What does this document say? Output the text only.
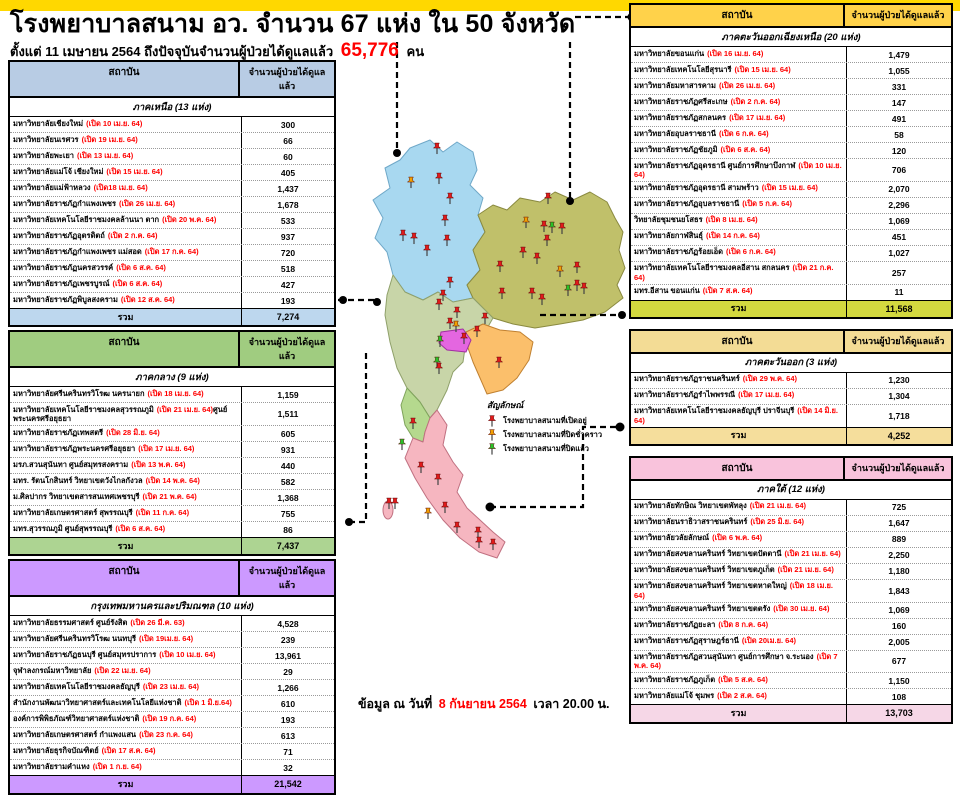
โรงพยาบาลสนาม อว. จำนวน 67 แห่ง ใน 50 จังหวัด
ตั้งแต่ 11 เมษายน 2564 ถึงปัจจุบันจำนวนผู้ป่วยได้ดูแลแล้ว 65,776 คน
สัญลักษณ์
โรงพยาบาลสนามที่เปิดอยู่
โรงพยาบาลสนามที่ปิดชั่วคราว
โรงพยาบาลสนามที่ปิดแล้ว
สถาบัน	จำนวนผู้ป่วยได้ดูแลแล้ว
ภาคเหนือ (13 แห่ง)
มหาวิทยาลัยเชียงใหม่ (เปิด 10 เม.ย. 64)	300
มหาวิทยาลัยนเรศวร (เปิด 19 เม.ย. 64)	66
มหาวิทยาลัยพะเยา (เปิด 13 เม.ย. 64)	60
มหาวิทยาลัยแม่โจ้ เชียงใหม่ (เปิด 15 เม.ย. 64)	405
มหาวิทยาลัยแม่ฟ้าหลวง (เปิด18 เม.ย. 64)	1,437
มหาวิทยาลัยราชภัฏกำแพงเพชร (เปิด 26 เม.ย. 64)	1,678
มหาวิทยาลัยเทคโนโลยีราชมงคลล้านนา ตาก (เปิด 20 พ.ค. 64)	533
มหาวิทยาลัยราชภัฏอุตรดิตถ์ (เปิด 2 ก.ค. 64)	937
มหาวิทยาลัยราชภัฏกำแพงเพชร แม่สอด (เปิด 17 ก.ค. 64)	720
มหาวิทยาลัยราชภัฏนครสวรรค์ (เปิด 6 ส.ค. 64)	518
มหาวิทยาลัยราชภัฏเพชรบูรณ์ (เปิด 6 ส.ค. 64)	427
มหาวิทยาลัยราชภัฏพิบูลสงคราม (เปิด 12 ส.ค. 64)	193
รวม	7,274
สถาบัน	จำนวนผู้ป่วยได้ดูแลแล้ว
ภาคกลาง (9 แห่ง)
มหาวิทยาลัยศรีนครินทรวิโรฒ นครนายก (เปิด 18 เม.ย. 64)	1,159
มหาวิทยาลัยเทคโนโลยีราชมงคลสุวรรณภูมิ (เปิด 21 เม.ย. 64)ศูนย์พระนครศรีอยุธยา	1,511
มหาวิทยาลัยราชภัฏเทพสตรี (เปิด 28 มิ.ย. 64)	605
มหาวิทยาลัยราชภัฏพระนครศรีอยุธยา (เปิด 17 เม.ย. 64)	931
มรภ.สวนสุนันทา ศูนย์สมุทรสงคราม (เปิด 13 พ.ค. 64)	440
มทร. รัตนโกสินทร์ วิทยาเขตวังไกลกังวล (เปิด 14 พ.ค. 64)	582
ม.ศิลปากร วิทยาเขตสารสนเทศเพชรบุรี (เปิด 21 พ.ค. 64)	1,368
มหาวิทยาลัยเกษตรศาสตร์ สุพรรณบุรี (เปิด 11 ก.ค. 64)	755
มทร.สุวรรณภูมิ ศูนย์สุพรรณบุรี (เปิด 6 ส.ค. 64)	86
รวม	7,437
สถาบัน	จำนวนผู้ป่วยได้ดูแลแล้ว
กรุงเทพมหานครและปริมณฑล (10 แห่ง)
มหาวิทยาลัยธรรมศาสตร์ ศูนย์รังสิต (เปิด 26 มี.ค. 63)	4,528
มหาวิทยาลัยศรีนครินทรวิโรฒ นนทบุรี (เปิด 19เม.ย. 64)	239
มหาวิทยาลัยราชภัฏธนบุรี ศูนย์สมุทรปราการ (เปิด 10 เม.ย. 64)	13,961
จุฬาลงกรณ์มหาวิทยาลัย (เปิด 22 เม.ย. 64)	29
มหาวิทยาลัยเทคโนโลยีราชมงคลธัญบุรี (เปิด 23 เม.ย. 64)	1,266
สำนักงานพัฒนาวิทยาศาสตร์และเทคโนโลยีแห่งชาติ (เปิด 1 มิ.ย.64)	610
องค์การพิพิธภัณฑ์วิทยาศาสตร์แห่งชาติ (เปิด 19 ก.ค. 64)	193
มหาวิทยาลัยเกษตรศาสตร์ กำแพงแสน (เปิด 23 ก.ค. 64)	613
มหาวิทยาลัยธุรกิจบัณฑิตย์ (เปิด 17 ส.ค. 64)	71
มหาวิทยาลัยรามคำแหง (เปิด 1 ก.ย. 64)	32
รวม	21,542
สถาบัน	จำนวนผู้ป่วยได้ดูแลแล้ว
ภาคตะวันออกเฉียงเหนือ (20 แห่ง)
มหาวิทยาลัยขอนแก่น (เปิด 16 เม.ย. 64)	1,479
มหาวิทยาลัยเทคโนโลยีสุรนารี (เปิด 15 เม.ย. 64)	1,055
มหาวิทยาลัยมหาสารคาม (เปิด 26 เม.ย. 64)	331
มหาวิทยาลัยราชภัฏศรีสะเกษ (เปิด 2 ก.ค. 64)	147
มหาวิทยาลัยราชภัฏสกลนคร (เปิด 17 เม.ย. 64)	491
มหาวิทยาลัยอุบลราชธานี (เปิด 6 ก.ค. 64)	58
มหาวิทยาลัยราชภัฏชัยภูมิ (เปิด 6 ส.ค. 64)	120
มหาวิทยาลัยราชภัฏอุดรธานี ศูนย์การศึกษาบึงกาฬ (เปิด 10 เม.ย. 64)	706
มหาวิทยาลัยราชภัฏอุดรธานี สามพร้าว (เปิด 15 เม.ย. 64)	2,070
มหาวิทยาลัยราชภัฏอุบลราชธานี (เปิด 5 ก.ค. 64)	2,296
วิทยาลัยชุมชนยโสธร (เปิด 8 เม.ย. 64)	1,069
มหาวิทยาลัยกาฬสินธุ์ (เปิด 14 ก.ค. 64)	451
มหาวิทยาลัยราชภัฏร้อยเอ็ด (เปิด 6 ก.ค. 64)	1,027
มหาวิทยาลัยเทคโนโลยีราชมงคลอีสาน สกลนคร (เปิด 21 ก.ค. 64)	257
มทร.อีสาน ขอนแก่น (เปิด 7 ส.ค. 64)	11
รวม	11,568
สถาบัน	จำนวนผู้ป่วยได้ดูแลแล้ว
ภาคตะวันออก (3 แห่ง)
มหาวิทยาลัยราชภัฏราชนครินทร์ (เปิด 29 พ.ค. 64)	1,230
มหาวิทยาลัยราชภัฏรำไพพรรณี (เปิด 17 เม.ย. 64)	1,304
มหาวิทยาลัยเทคโนโลยีราชมงคลธัญบุรี ปราจีนบุรี (เปิด 14 มิ.ย. 64)	1,718
รวม	4,252
สถาบัน	จำนวนผู้ป่วยได้ดูแลแล้ว
ภาคใต้ (12 แห่ง)
มหาวิทยาลัยทักษิณ วิทยาเขตพัทลุง (เปิด 21 เม.ย. 64)	725
มหาวิทยาลัยนราธิวาสราชนครินทร์ (เปิด 25 มิ.ย. 64)	1,647
มหาวิทยาลัยวลัยลักษณ์ (เปิด 6 พ.ค. 64)	889
มหาวิทยาลัยสงขลานครินทร์ วิทยาเขตปัตตานี (เปิด 21 เม.ย. 64)	2,250
มหาวิทยาลัยสงขลานครินทร์ วิทยาเขตภูเก็ต (เปิด 21 เม.ย. 64)	1,180
มหาวิทยาลัยสงขลานครินทร์ วิทยาเขตหาดใหญ่ (เปิด 18 เม.ย. 64)	1,843
มหาวิทยาลัยสงขลานครินทร์ วิทยาเขตตรัง (เปิด 30 เม.ย. 64)	1,069
มหาวิทยาลัยราชภัฏยะลา (เปิด 8 ก.ค. 64)	160
มหาวิทยาลัยราชภัฏสุราษฎร์ธานี (เปิด 20เม.ย. 64)	2,005
มหาวิทยาลัยราชภัฏสวนสุนันทา ศูนย์การศึกษา จ.ระนอง (เปิด 7 พ.ค. 64)	677
มหาวิทยาลัยราชภัฏภูเก็ต (เปิด 5 ส.ค. 64)	1,150
มหาวิทยาลัยแม่โจ้ ชุมพร (เปิด 2 ส.ค. 64)	108
รวม	13,703
ข้อมูล ณ วันที่ 8 กันยายน 2564 เวลา 20.00 น.
